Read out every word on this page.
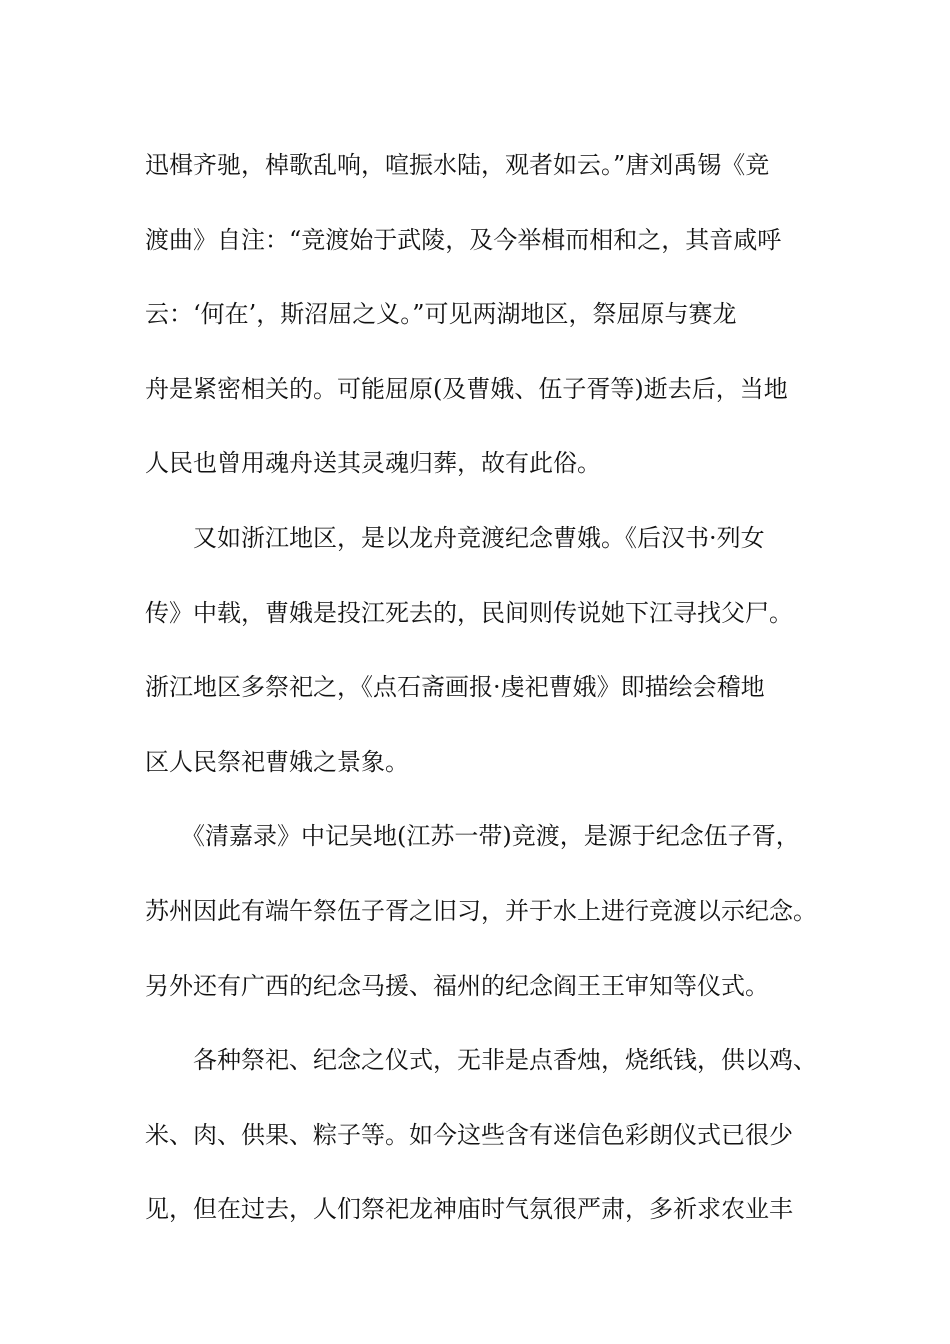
迅楫齐驰，棹歌乱响，喧振水陆，观者如云。”唐刘禹锡《竞
渡曲》自注：“竞渡始于武陵，及今举楫而相和之，其音咸呼
云：‘何在’，斯沼屈之义。”可见两湖地区，祭屈原与赛龙
舟是紧密相关的。可能屈原(及曹娥、伍子胥等)逝去后，当地
人民也曾用魂舟送其灵魂归葬，故有此俗。
　　又如浙江地区，是以龙舟竞渡纪念曹娥。《后汉书·列女
传》中载，曹娥是投江死去的，民间则传说她下江寻找父尸。
浙江地区多祭祀之，《点石斋画报·虔祀曹娥》即描绘会稽地
区人民祭祀曹娥之景象。
　　《清嘉录》中记吴地(江苏一带)竞渡，是源于纪念伍子胥，
苏州因此有端午祭伍子胥之旧习，并于水上进行竞渡以示纪念。
另外还有广西的纪念马援、福州的纪念阎王王审知等仪式。
　　各种祭祀、纪念之仪式，无非是点香烛，烧纸钱，供以鸡、
米、肉、供果、粽子等。如今这些含有迷信色彩朗仪式已很少
见，但在过去，人们祭祀龙神庙时气氛很严肃，多祈求农业丰
